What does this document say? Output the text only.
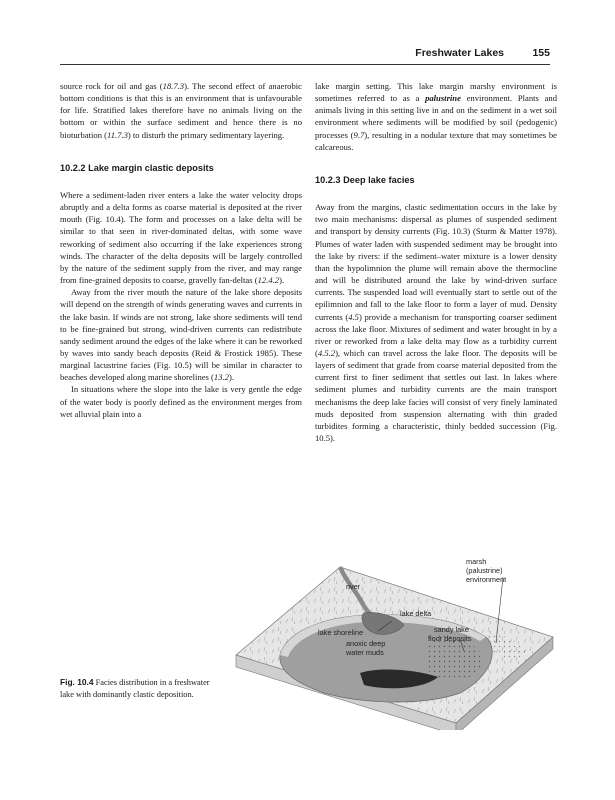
Freshwater Lakes	155

source rock for oil and gas (18.7.3). The second effect of anaerobic bottom conditions is that this is an environment that is unfavourable for life. Stratified lakes therefore have no animals living on the bottom or within the surface sediment and hence there is no bioturbation (11.7.3) to disturb the primary sedimentary layering.

10.2.2 Lake margin clastic deposits

Where a sediment-laden river enters a lake the water velocity drops abruptly and a delta forms as coarse material is deposited at the river mouth (Fig. 10.4). The form and processes on a lake delta will be similar to that seen in river-dominated deltas, with some wave reworking of sediment also occurring if the lake experiences strong winds. The character of the delta deposits will be largely controlled by the nature of the sediment supply from the river, and may range from fine-grained deposits to coarse, gravelly fan-deltas (12.4.2).

Away from the river mouth the nature of the lake shore deposits will depend on the strength of winds generating waves and currents in the lake basin. If winds are not strong, lake shore sediments will tend to be fine-grained but strong, wind-driven currents can redistribute sandy sediment around the edges of the lake where it can be reworked by waves into sandy beach deposits (Reid & Frostick 1985). These marginal lacustrine facies (Fig. 10.5) will be similar in character to beaches developed along marine shorelines (13.2).

In situations where the slope into the lake is very gentle the edge of the water body is poorly defined as the environment merges from wet alluvial plain into a

lake margin setting. This lake margin marshy environment is sometimes referred to as a palustrine environment. Plants and animals living in this setting live in and on the sediment in a wet soil environment where sediments will be modified by soil (pedogenic) processes (9.7), resulting in a nodular texture that may sometimes be calcareous.

10.2.3 Deep lake facies

Away from the margins, clastic sedimentation occurs in the lake by two main mechanisms: dispersal as plumes of suspended sediment and transport by density currents (Fig. 10.3) (Sturm & Matter 1978). Plumes of water laden with suspended sediment may be brought into the lake by rivers: if the sediment–water mixture is a lower density than the hypolimnion the plume will remain above the thermocline and will be distributed around the lake by wind-driven surface currents. The suspended load will eventually start to settle out of the epilimnion and fall to the lake floor to form a layer of mud. Density currents (4.5) provide a mechanism for transporting coarser sediment across the lake floor. Mixtures of sediment and water brought in by a river or reworked from a lake delta may flow as a turbidity current (4.5.2), which can travel across the lake floor. The deposits will be layers of sediment that grade from coarse material deposited from the current first to finer sediment that settles out last. In lakes where sediment plumes and turbidity currents are the main transport mechanisms the deep lake facies will consist of very finely laminated muds deposited from suspension alternating with thin graded turbidites forming a characteristic, thinly bedded succession (Fig. 10.5).

marsh
(palustrine)
environment
river
lake delta
lake shoreline	sandy lake
floor deposits
anoxic deep
water muds
Fig. 10.4 Facies distribution in a freshwater lake with dominantly clastic deposition.
